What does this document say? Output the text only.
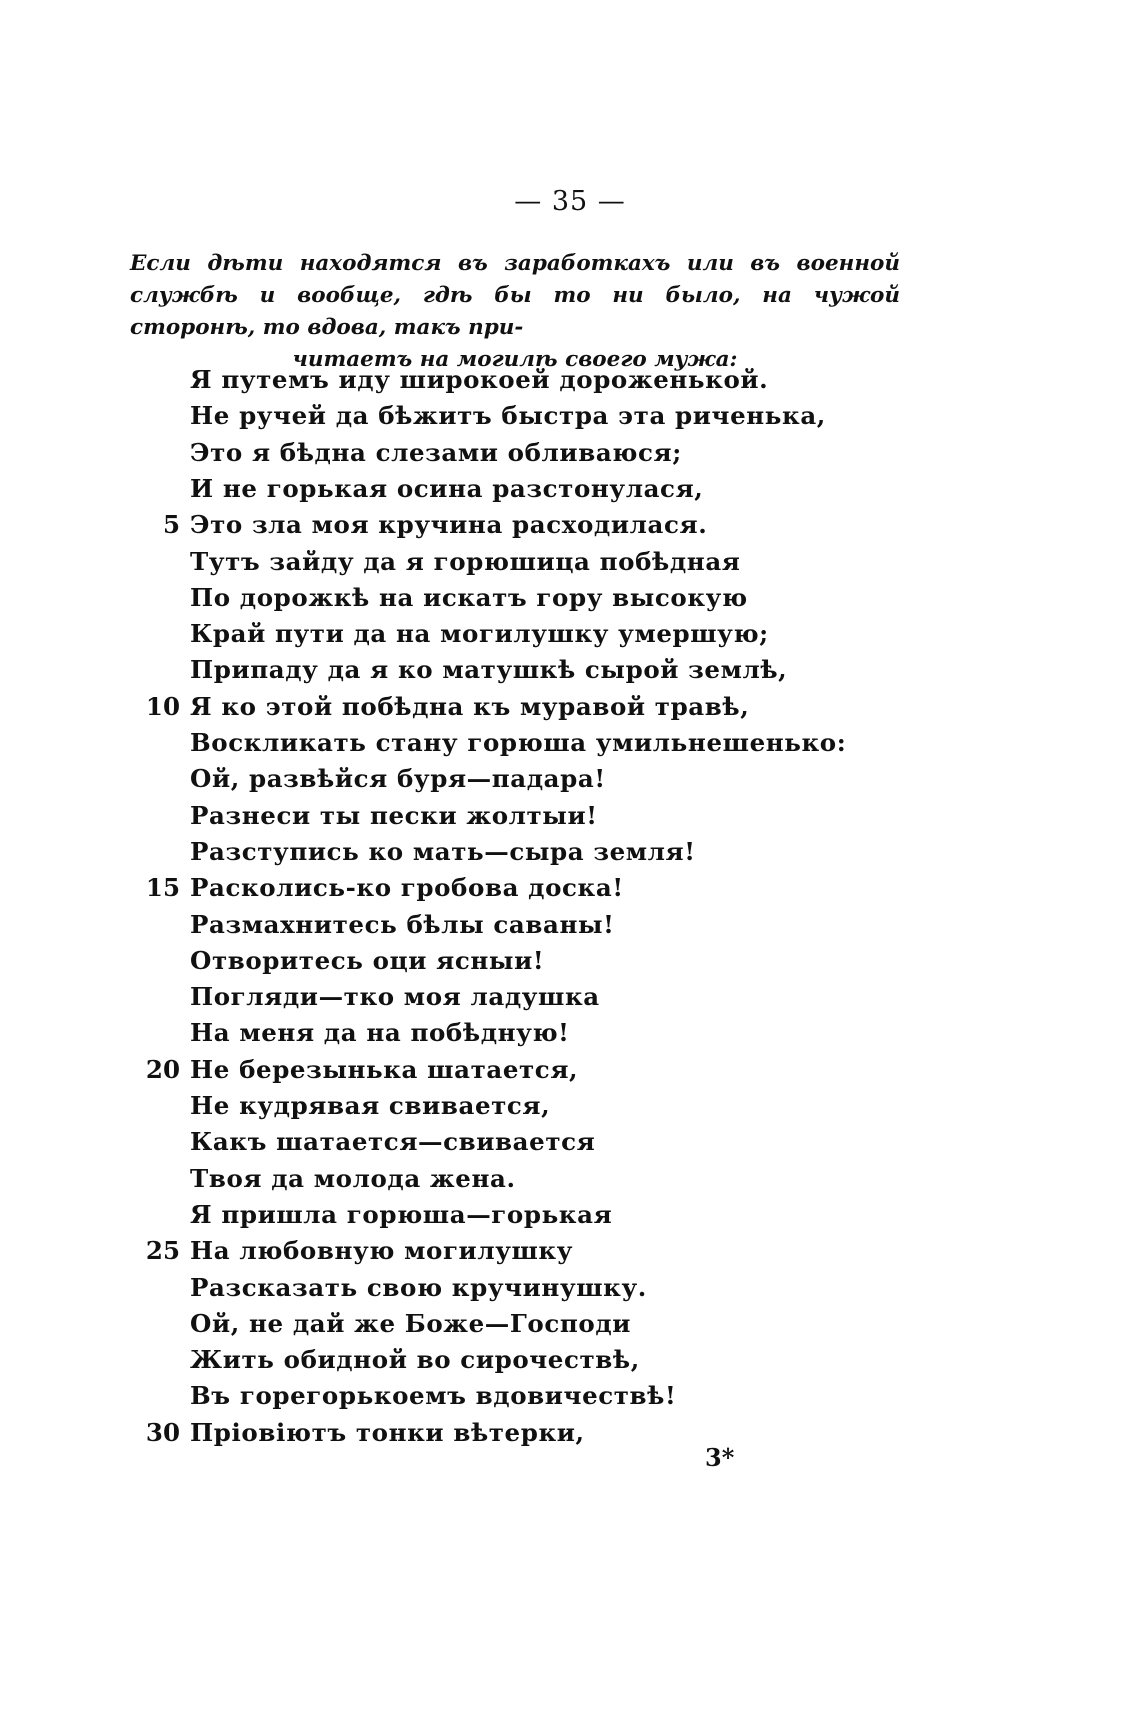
— 35 —
Если дѣти находятся въ заработкахъ или въ военной службѣ и вообще, гдѣ бы то ни было, на чужой сторонѣ, то вдова, такъ при-
читаетъ на могилѣ своего мужа:
Я путемъ иду широкоей дороженькой.
Не ручей да бѣжитъ быстра эта риченька,
Это я бѣдна слезами обливаюся;
И не горькая осина разстонулася,
5 Это зла моя кручина расходилася.
Тутъ зайду да я горюшица побѣдная
По дорожкѣ на искатъ гору высокую
Край пути да на могилушку умершую;
Припаду да я ко матушкѣ сырой землѣ,
10 Я ко этой побѣдна къ муравой травѣ,
Воскликать стану горюша умильнешенько:
Ой, развѣйся буря—падара!
Разнеси ты пески жолтыи!
Разступись ко мать—сыра земля!
15 Расколись-ко гробова доска!
Размахнитесь бѣлы саваны!
Отворитесь оци ясныи!
Погляди—тко моя ладушка
На меня да на побѣдную!
20 Не березынька шатается,
Не кудрявая свивается,
Какъ шатается—свивается
Твоя да молода жена.
Я пришла горюша—горькая
25 На любовную могилушку
Разсказать свою кручинушку.
Ой, не дай же Боже—Господи
Жить обидной во сирочествѣ,
Въ горегорькоемъ вдовичествѣ!
30 Пріовіютъ тонки вѣтерки,
3*
